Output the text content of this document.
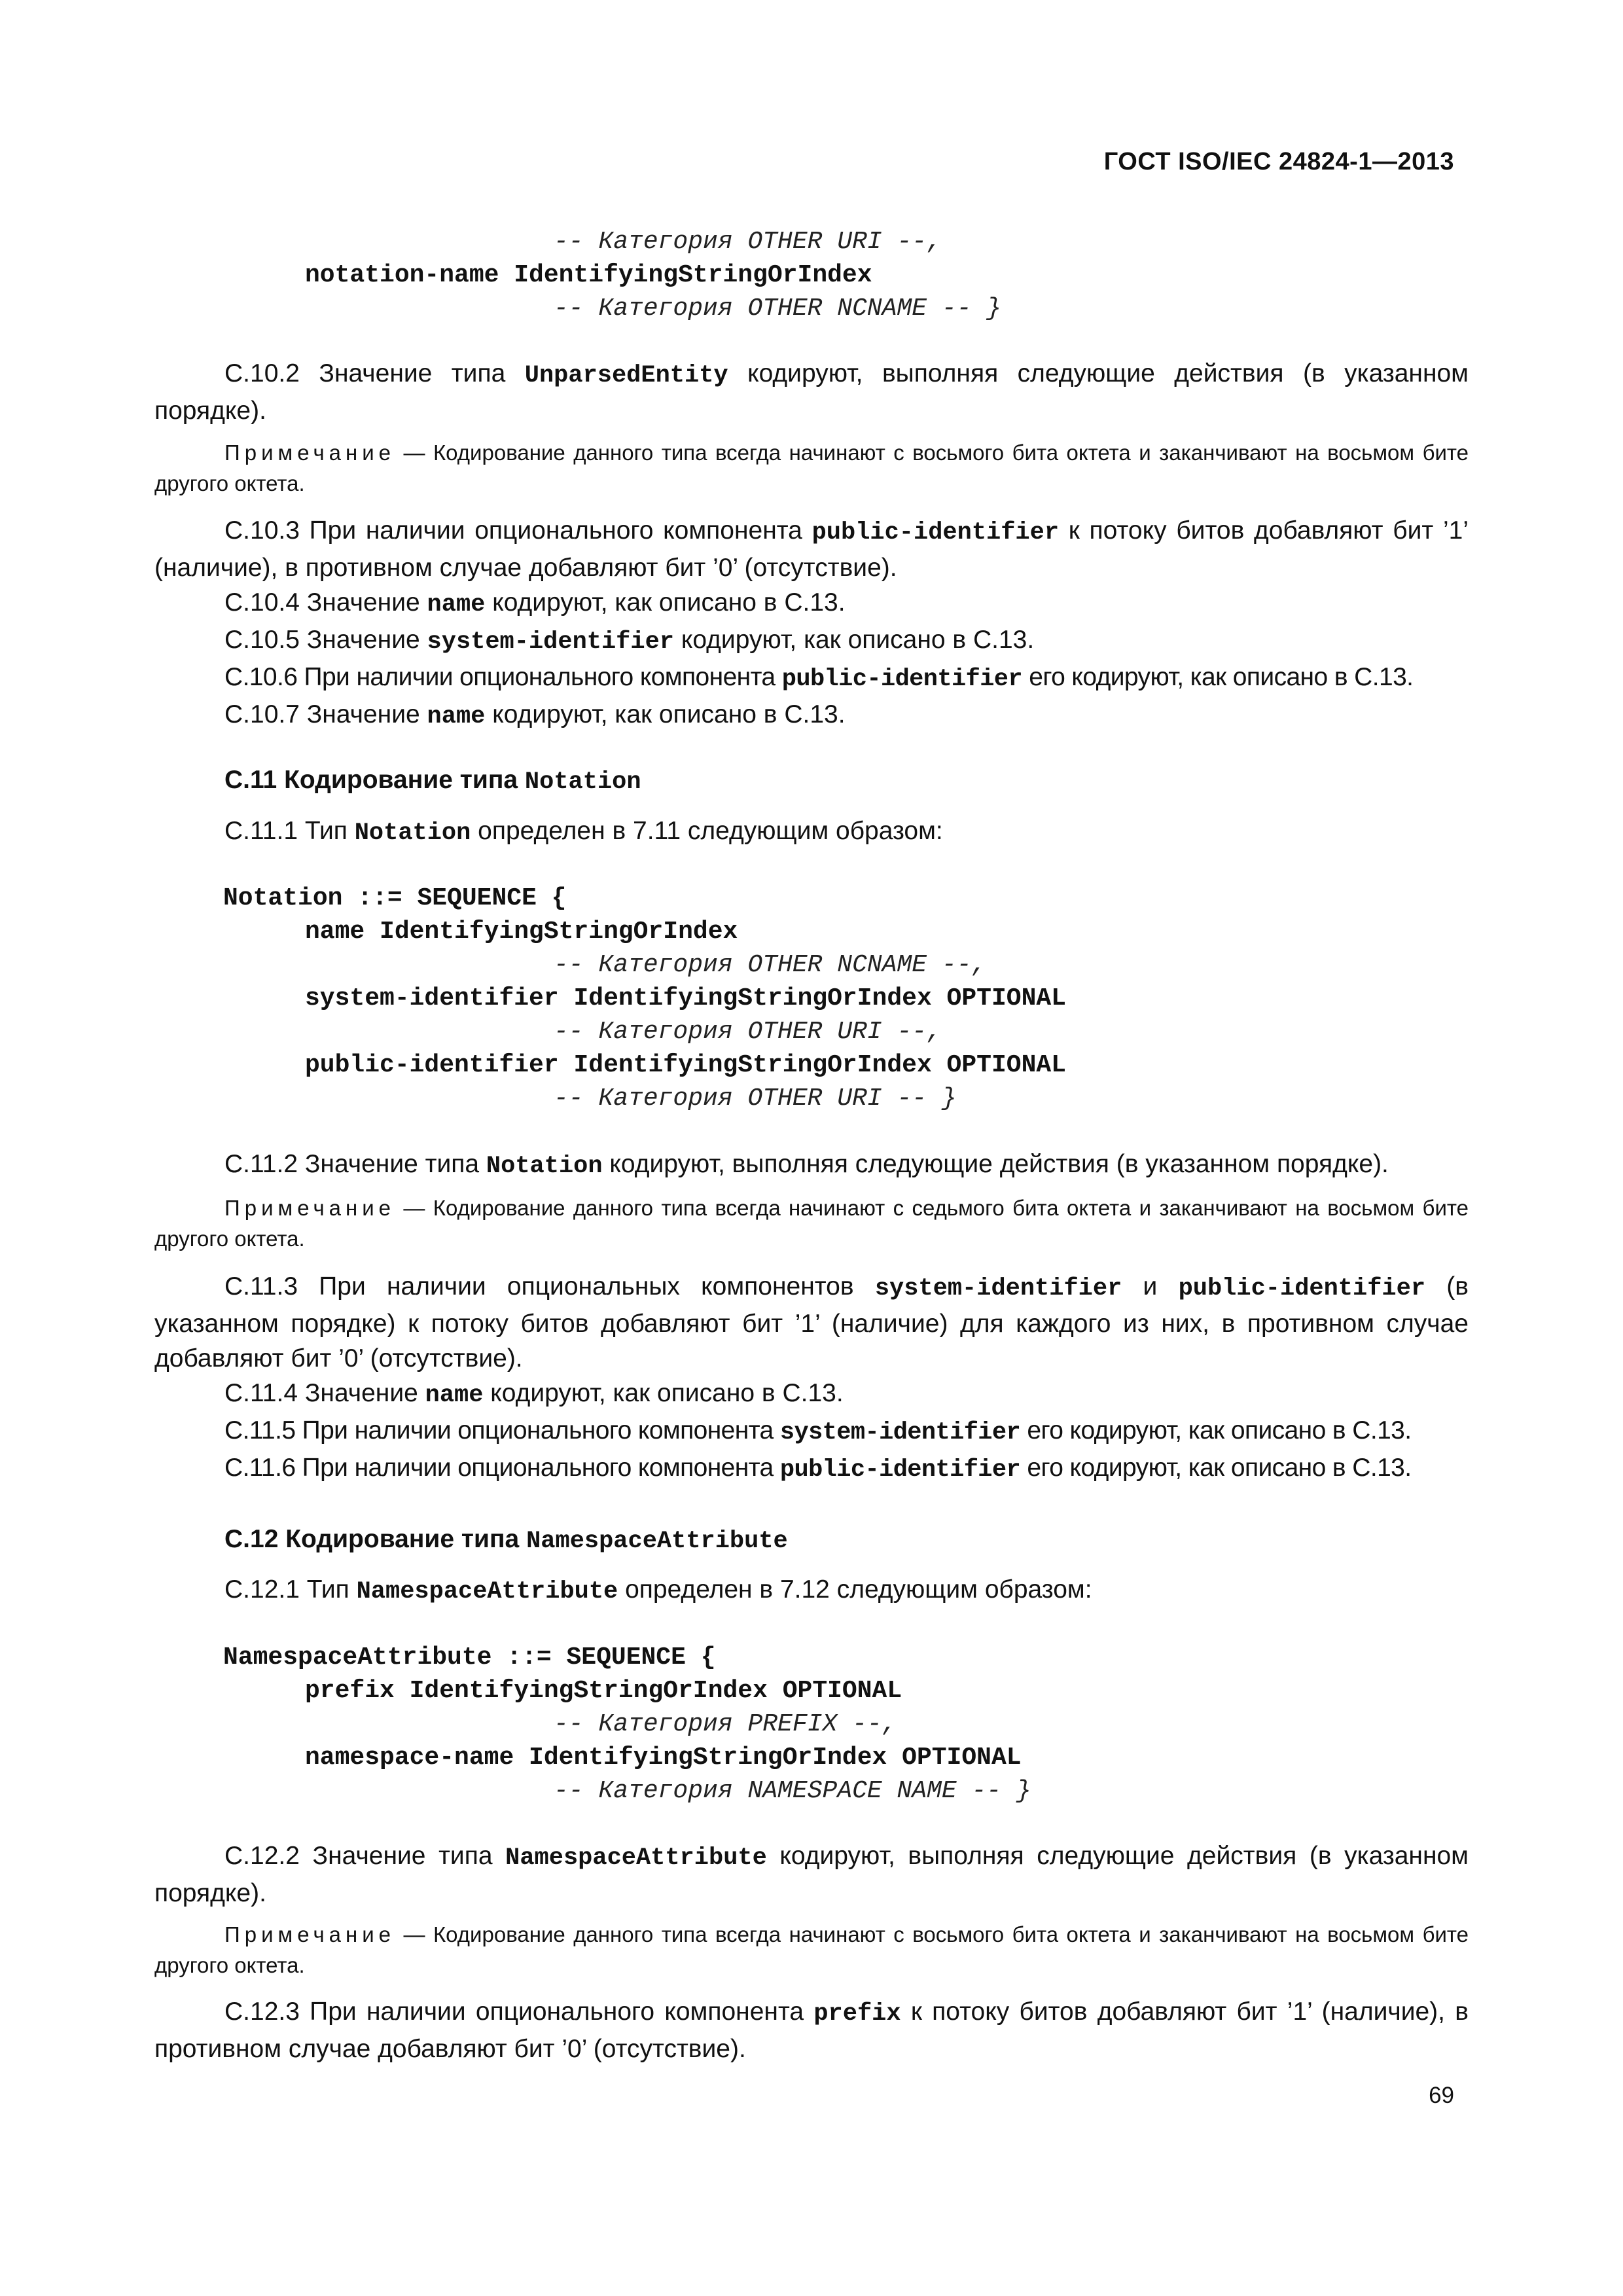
ГОСТ ISO/IEC 24824-1—2013
-- Категория OTHER URI --,
notation-name IdentifyingStringOrIndex
-- Категория OTHER NCNAME -- }

С.10.2 Значение типа UnparsedEntity кодируют, выполняя следующие действия (в указанном порядке).

Примечание — Кодирование данного типа всегда начинают с восьмого бита октета и заканчивают на восьмом бите другого октета.

С.10.3 При наличии опционального компонента public-identifier к потоку битов добавляют бит ’1’ (наличие), в противном случае добавляют бит ’0’ (отсутствие).

С.10.4 Значение name кодируют, как описано в С.13.

С.10.5 Значение system-identifier кодируют, как описано в С.13.

С.10.6 При наличии опционального компонента public-identifier его кодируют, как описано в С.13.

С.10.7 Значение name кодируют, как описано в С.13.

С.11 Кодирование типа Notation

С.11.1 Тип Notation определен в 7.11 следующим образом:

Notation ::= SEQUENCE {
name IdentifyingStringOrIndex
-- Категория OTHER NCNAME --,
system-identifier IdentifyingStringOrIndex OPTIONAL
-- Категория OTHER URI --,
public-identifier IdentifyingStringOrIndex OPTIONAL
-- Категория OTHER URI -- }

С.11.2 Значение типа Notation кодируют, выполняя следующие действия (в указанном порядке).

Примечание — Кодирование данного типа всегда начинают с седьмого бита октета и заканчивают на восьмом бите другого октета.

С.11.3 При наличии опциональных компонентов system-identifier и public-identifier (в указанном порядке) к потоку битов добавляют бит ’1’ (наличие) для каждого из них, в противном случае добавляют бит ’0’ (отсутствие).

С.11.4 Значение name кодируют, как описано в С.13.

С.11.5 При наличии опционального компонента system-identifier его кодируют, как описано в С.13.

С.11.6 При наличии опционального компонента public-identifier его кодируют, как описано в С.13.

С.12 Кодирование типа NamespaceAttribute

С.12.1 Тип NamespaceAttribute определен в 7.12 следующим образом:

NamespaceAttribute ::= SEQUENCE {
prefix IdentifyingStringOrIndex OPTIONAL
-- Категория PREFIX --,
namespace-name IdentifyingStringOrIndex OPTIONAL
-- Категория NAMESPACE NAME -- }

С.12.2 Значение типа NamespaceAttribute кодируют, выполняя следующие действия (в указанном порядке).

Примечание — Кодирование данного типа всегда начинают с восьмого бита октета и заканчивают на восьмом бите другого октета.

С.12.3 При наличии опционального компонента prefix к потоку битов добавляют бит ’1’ (наличие), в противном случае добавляют бит ’0’ (отсутствие).

69
